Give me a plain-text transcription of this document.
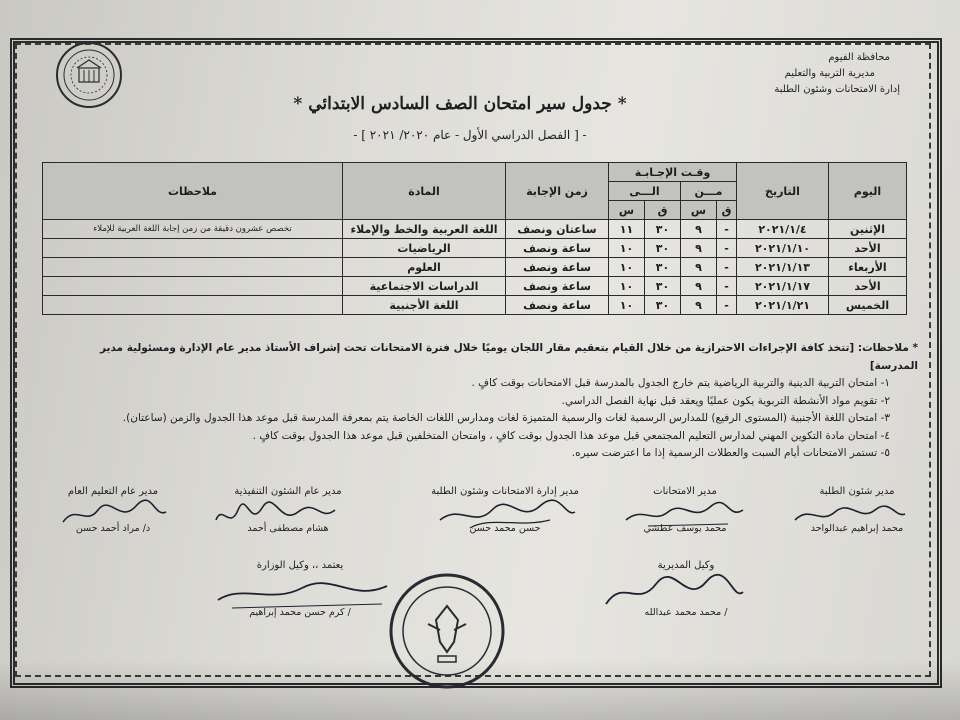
محافظة الفيوم
مديرية التربية والتعليم
إدارة الامتحانات وشئون الطلبة
* جدول سير امتحان الصف السادس الابتدائي *
- [ الفصل الدراسي الأول - عام ٢٠٢٠/ ٢٠٢١ ] -
اليوم	التاريخ	وقـت الإجـابـة				زمن الإجابة	المادة	ملاحظات
		مـــن		الـــى				
		ق	س	ق	س			
الإثنين	٢٠٢١/١/٤	-	٩	٣٠	١١	ساعتان ونصف	اللغة العربية والخط والإملاء	تخصص عشرون دقيقة من زمن إجابة اللغة العربية للإملاء
الأحد	٢٠٢١/١/١٠	-	٩	٣٠	١٠	ساعة ونصف	الرياضيات	
الأربعاء	٢٠٢١/١/١٣	-	٩	٣٠	١٠	ساعة ونصف	العلوم	
الأحد	٢٠٢١/١/١٧	-	٩	٣٠	١٠	ساعة ونصف	الدراسات الاجتماعية	
الخميس	٢٠٢١/١/٢١	-	٩	٣٠	١٠	ساعة ونصف	اللغة الأجنبية	
* ملاحظات: [تتخذ كافة الإجراءات الاحترازية من خلال القيام بتعقيم مقار اللجان يوميًا خلال فترة الامتحانات تحت إشراف الأستاذ مدير عام الإدارة ومسئولية مدير المدرسة]
١- امتحان التربية الدينية والتربية الرياضية يتم خارج الجدول بالمدرسة قبل الامتحانات بوقت كافٍ .
٢- تقويم مواد الأنشطة التربوية يكون عمليًا ويعقد قبل نهاية الفصل الدراسي.
٣- امتحان اللغة الأجنبية (المستوى الرفيع) للمدارس الرسمية لغات والرسمية المتميزة لغات ومدارس اللغات الخاصة يتم بمعرفة المدرسة قبل موعد هذا الجدول والزمن (ساعتان).
٤- امتحان مادة التكوين المهني لمدارس التعليم المجتمعي قبل موعد هذا الجدول بوقت كافٍ ، وامتحان المتخلفين قبل موعد هذا الجدول بوقت كافٍ .
٥- تستمر الامتحانات أيام السبت والعطلات الرسمية إذا ما اعترضت سيره.
مدير شئون الطلبة
محمد إبراهيم عبدالواحد
مدير الامتحانات
محمد يوسف عطشي
مدير إدارة الامتحانات وشئون الطلبة
حسن محمد حسن
مدير عام الشئون التنفيذية
هشام مصطفى أحمد
مدير عام التعليم العام
د/ مراد أحمد حسن
وكيل المديرية
/ محمد محمد عبدالله
يعتمد ،، وكيل الوزارة
/ كرم حسن محمد إبراهيم
